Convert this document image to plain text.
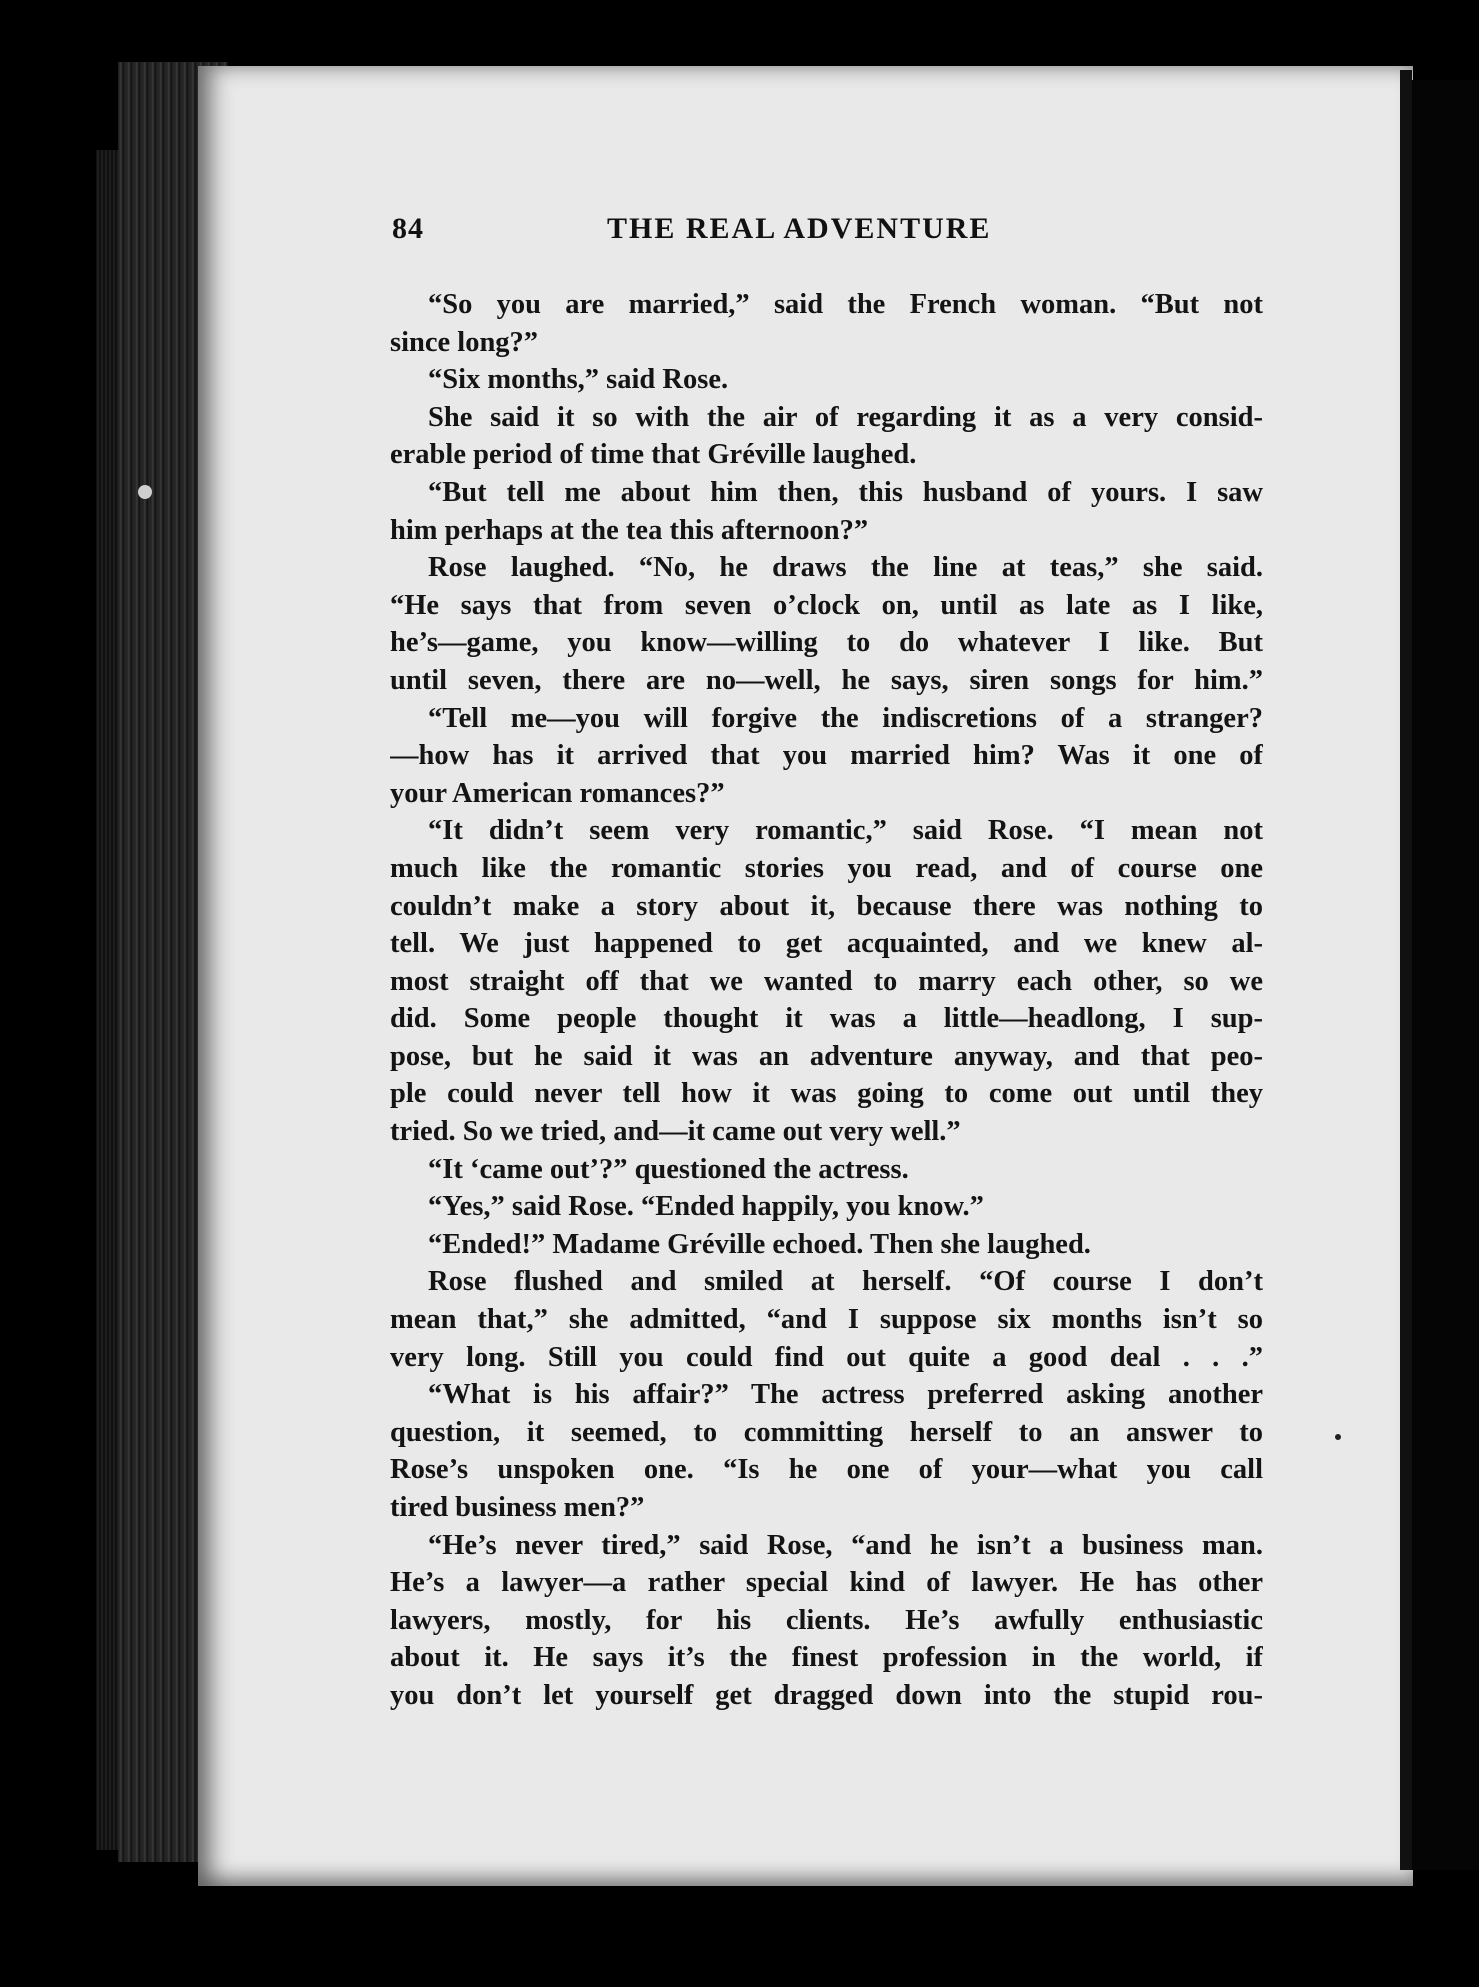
84	THE REAL ADVENTURE
“So you are married,” said the French woman. “But not
since long?”
“Six months,” said Rose.
She said it so with the air of regarding it as a very consid-
erable period of time that Gréville laughed.
“But tell me about him then, this husband of yours. I saw
him perhaps at the tea this afternoon?”
Rose laughed. “No, he draws the line at teas,” she said.
“He says that from seven o’clock on, until as late as I like,
he’s—game, you know—willing to do whatever I like. But
until seven, there are no—well, he says, siren songs for him.”
“Tell me—you will forgive the indiscretions of a stranger?
—how has it arrived that you married him? Was it one of
your American romances?”
“It didn’t seem very romantic,” said Rose. “I mean not
much like the romantic stories you read, and of course one
couldn’t make a story about it, because there was nothing to
tell. We just happened to get acquainted, and we knew al-
most straight off that we wanted to marry each other, so we
did. Some people thought it was a little—headlong, I sup-
pose, but he said it was an adventure anyway, and that peo-
ple could never tell how it was going to come out until they
tried. So we tried, and—it came out very well.”
“It ‘came out’?” questioned the actress.
“Yes,” said Rose. “Ended happily, you know.”
“Ended!” Madame Gréville echoed. Then she laughed.
Rose flushed and smiled at herself. “Of course I don’t
mean that,” she admitted, “and I suppose six months isn’t so
very long. Still you could find out quite a good deal . . .”
“What is his affair?” The actress preferred asking another
question, it seemed, to committing herself to an answer to
Rose’s unspoken one. “Is he one of your—what you call
tired business men?”
“He’s never tired,” said Rose, “and he isn’t a business man.
He’s a lawyer—a rather special kind of lawyer. He has other
lawyers, mostly, for his clients. He’s awfully enthusiastic
about it. He says it’s the finest profession in the world, if
you don’t let yourself get dragged down into the stupid rou-
